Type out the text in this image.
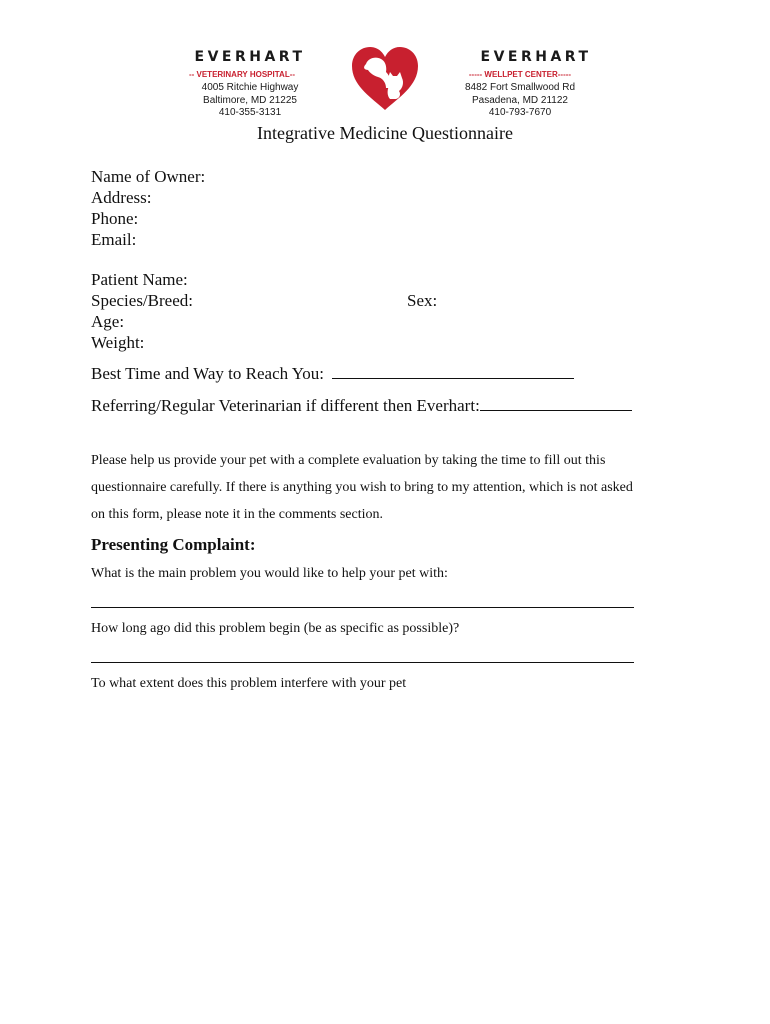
EVERHART
-- VETERINARY HOSPITAL--
4005 Ritchie Highway
Baltimore, MD 21225
410-355-3131
EVERHART
----- WELLPET CENTER-----
8482 Fort Smallwood Rd
Pasadena, MD 21122
410-793-7670
Integrative Medicine Questionnaire
Name of Owner:
Address:
Phone:
Email:
Patient Name:
Species/Breed:
Age:
Weight:
Sex:
Best Time and Way to Reach You:
Referring/Regular Veterinarian if different then Everhart:
Please help us provide your pet with a complete evaluation by taking the time to fill out this
questionnaire carefully. If there is anything you wish to bring to my attention, which is not asked
on this form, please note it in the comments section.
Presenting Complaint:
What is the main problem you would like to help your pet with:
How long ago did this problem begin (be as specific as possible)?
To what extent does this problem interfere with your pet
